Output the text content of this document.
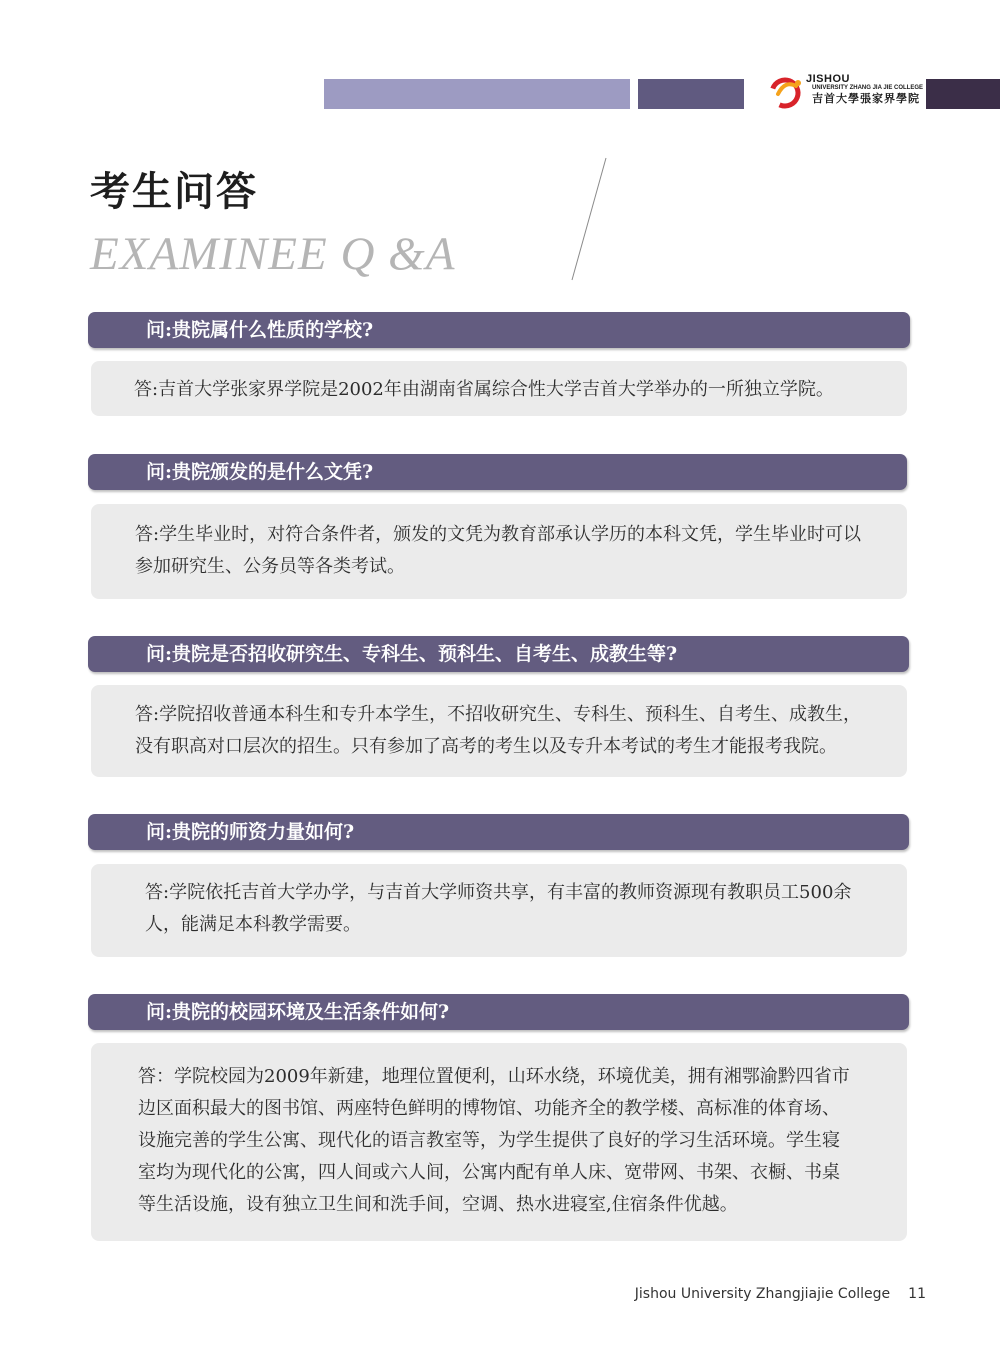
JISHOU
UNIVERSITY ZHANG JIA JIE COLLEGE
吉首大學張家界學院
考生问答
EXAMINEE Q &A
问:贵院属什么性质的学校?
答:吉首大学张家界学院是2002年由湖南省属综合性大学吉首大学举办的一所独立学院。
问:贵院颁发的是什么文凭?
答:学生毕业时，对符合条件者，颁发的文凭为教育部承认学历的本科文凭，学生毕业时可以参加研究生、公务员等各类考试。
问:贵院是否招收研究生、专科生、预科生、自考生、成教生等?
答:学院招收普通本科生和专升本学生，不招收研究生、专科生、预科生、自考生、成教生，没有职高对口层次的招生。只有参加了高考的考生以及专升本考试的考生才能报考我院。
问:贵院的师资力量如何?
答:学院依托吉首大学办学，与吉首大学师资共享，有丰富的教师资源现有教职员工500余人，能满足本科教学需要。
问:贵院的校园环境及生活条件如何?
答：学院校园为2009年新建，地理位置便利，山环水绕，环境优美，拥有湘鄂渝黔四省市边区面积最大的图书馆、两座特色鲜明的博物馆、功能齐全的教学楼、高标准的体育场、设施完善的学生公寓、现代化的语言教室等，为学生提供了良好的学习生活环境。学生寝室均为现代化的公寓，四人间或六人间，公寓内配有单人床、宽带网、书架、衣橱、书桌等生活设施，设有独立卫生间和洗手间，空调、热水进寝室,住宿条件优越。
Jishou University Zhangjiajie College 11
